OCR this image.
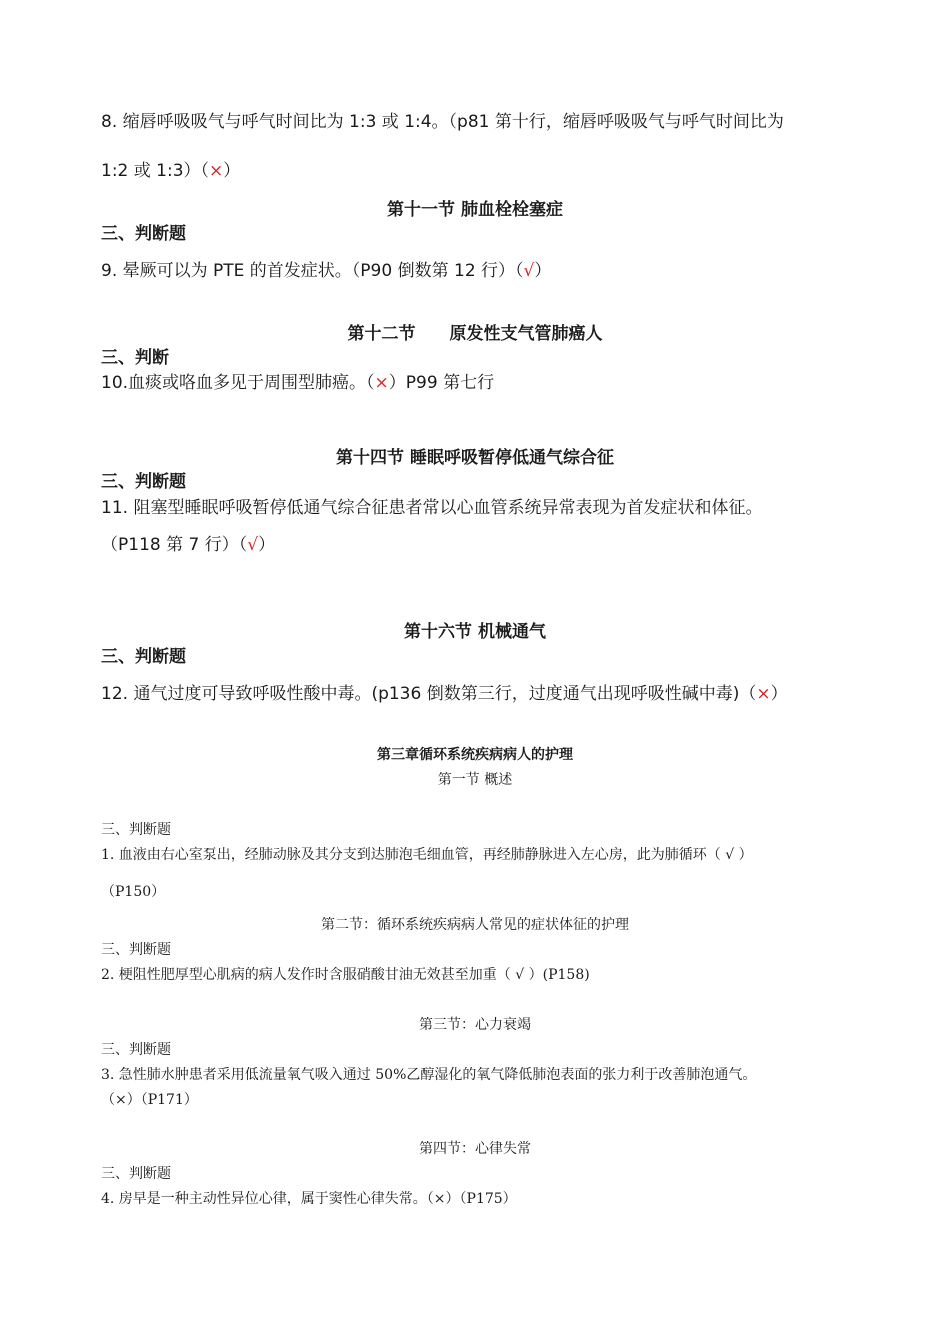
8. 缩唇呼吸吸气与呼气时间比为 1:3 或 1:4。（p81 第十行，缩唇呼吸吸气与呼气时间比为
1:2 或 1:3）（×）
第十一节 肺血栓栓塞症
三、判断题
9. 晕厥可以为 PTE 的首发症状。（P90 倒数第 12 行）（√）
第十二节　　原发性支气管肺癌人
三、判断
10.血痰或咯血多见于周围型肺癌。（×）P99 第七行
第十四节 睡眠呼吸暂停低通气综合征
三、判断题
11. 阻塞型睡眠呼吸暂停低通气综合征患者常以心血管系统异常表现为首发症状和体征。
（P118 第 7 行）（√）
第十六节 机械通气
三、判断题
12. 通气过度可导致呼吸性酸中毒。(p136 倒数第三行，过度通气出现呼吸性碱中毒)（×）
第三章循环系统疾病病人的护理
第一节 概述
三、判断题
1. 血液由右心室泵出，经肺动脉及其分支到达肺泡毛细血管，再经肺静脉进入左心房，此为肺循环（ √ ）
（P150）
第二节：循环系统疾病病人常见的症状体征的护理
三、判断题
2. 梗阻性肥厚型心肌病的病人发作时含服硝酸甘油无效甚至加重（ √ ）(P158)
第三节：心力衰竭
三、判断题
3. 急性肺水肿患者采用低流量氧气吸入通过 50%乙醇湿化的氧气降低肺泡表面的张力利于改善肺泡通气。
（×）（P171）
第四节：心律失常
三、判断题
4. 房早是一种主动性异位心律，属于窦性心律失常。（×）（P175）
